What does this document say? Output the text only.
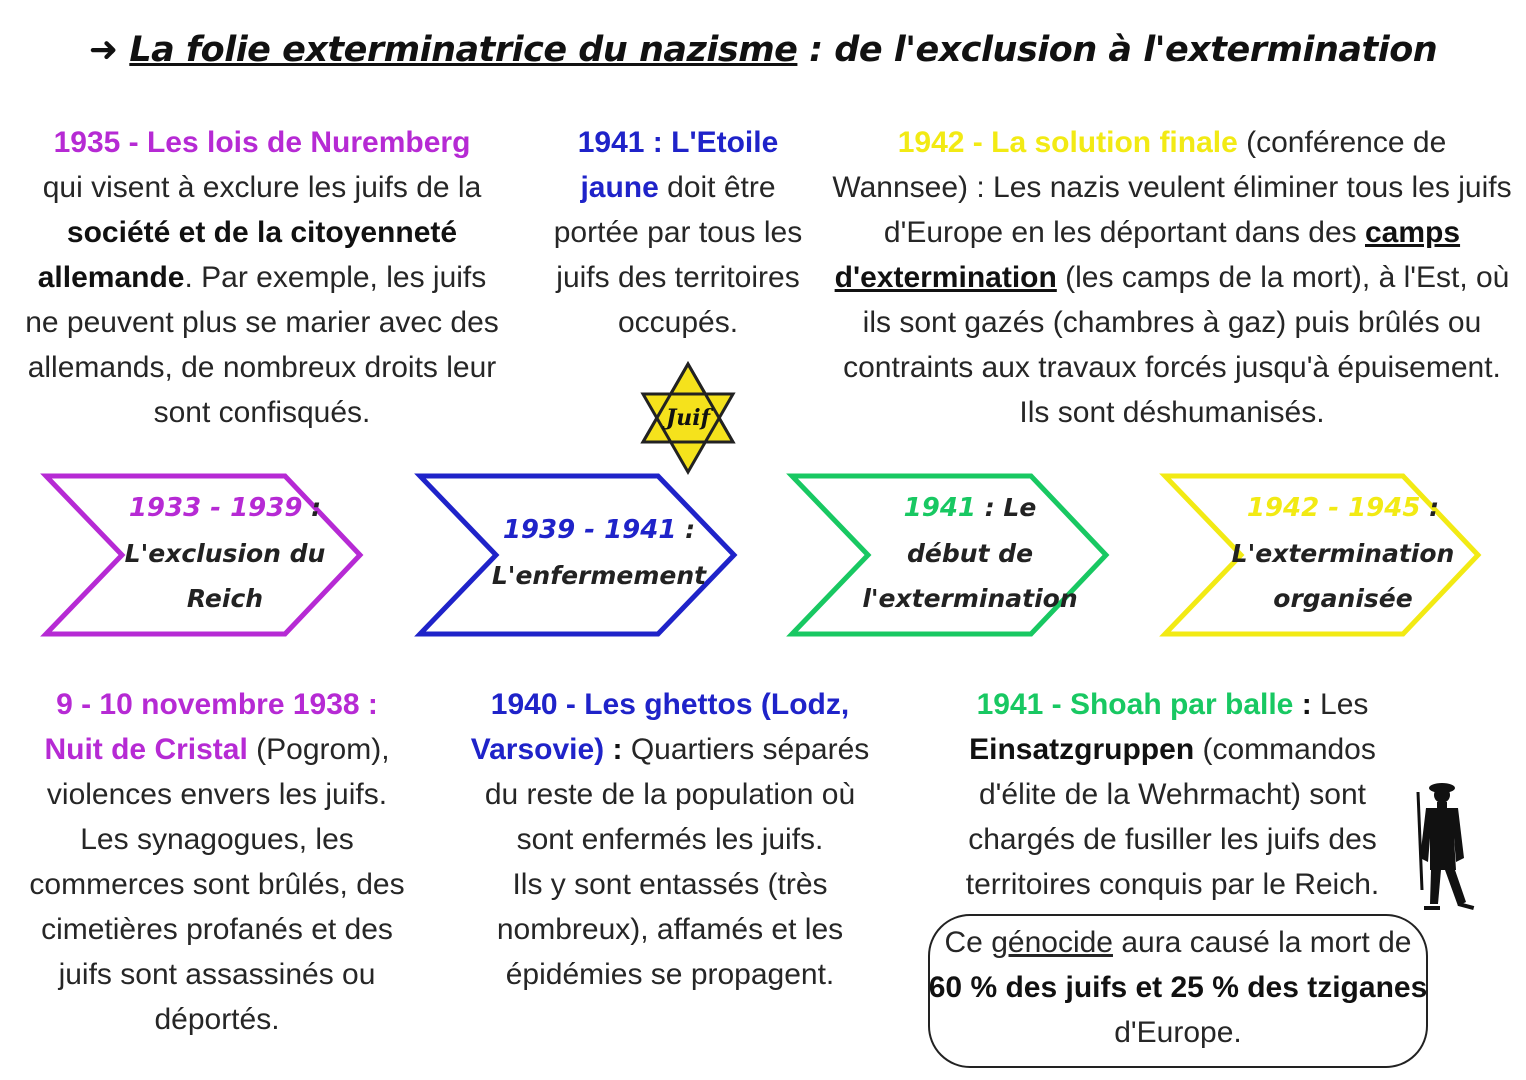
➜ La folie exterminatrice du nazisme : de l'exclusion à l'extermination
1935 - Les lois de Nuremberg
qui visent à exclure les juifs de la société et de la citoyenneté allemande. Par exemple, les juifs ne peuvent plus se marier avec des allemands, de nombreux droits leur sont confisqués.
1941 : L'Etoile jaune doit être portée par tous les juifs des territoires occupés.
Juif
1942 - La solution finale (conférence de Wannsee) : Les nazis veulent éliminer tous les juifs d'Europe en les déportant dans des camps d'extermination (les camps de la mort), à l'Est, où ils sont gazés (chambres à gaz) puis brûlés ou contraints aux travaux forcés jusqu'à épuisement. Ils sont déshumanisés.
1933 - 1939 :
L'exclusion du
Reich
1939 - 1941 :
L'enfermement
1941 : Le
début de
l'extermination
1942 - 1945 :
L'extermination
organisée
9 - 10 novembre 1938 :
Nuit de Cristal (Pogrom), violences envers les juifs. Les synagogues, les commerces sont brûlés, des cimetières profanés et des juifs sont assassinés ou déportés.
1940 - Les ghettos (Lodz, Varsovie) : Quartiers séparés du reste de la population où sont enfermés les juifs.
Ils y sont entassés (très nombreux), affamés et les épidémies se propagent.
1941 - Shoah par balle : Les Einsatzgruppen (commandos d'élite de la Wehrmacht) sont chargés de fusiller les juifs des territoires conquis par le Reich.
Ce génocide aura causé la mort de 60 % des juifs et 25 % des tziganes d'Europe.
